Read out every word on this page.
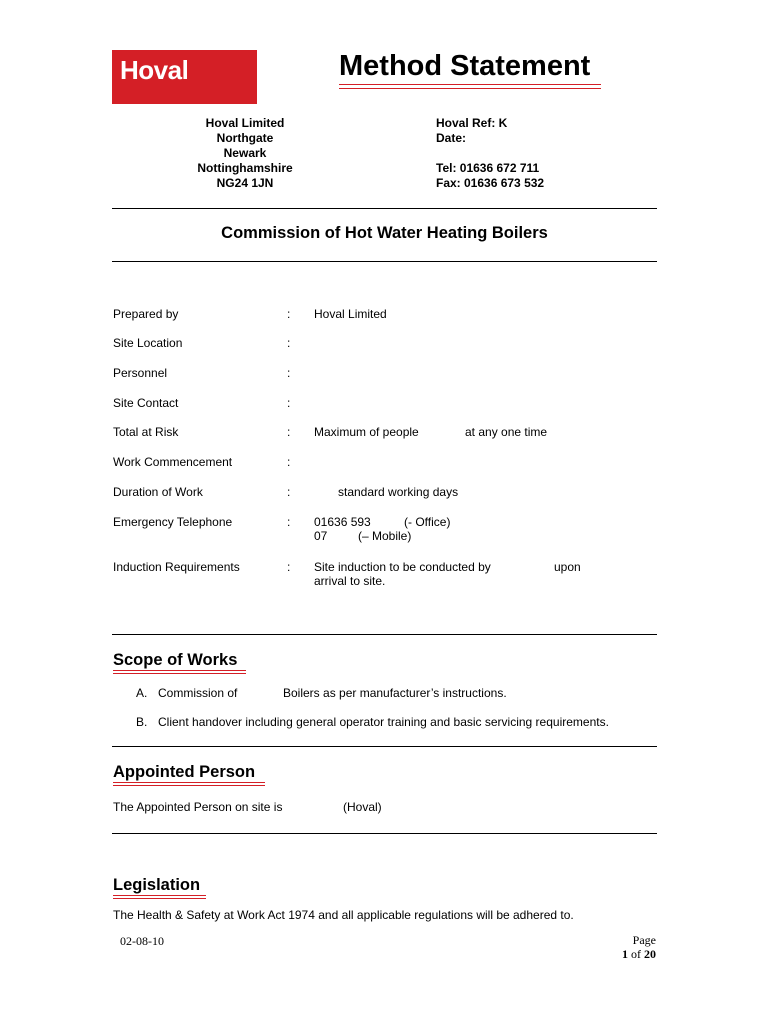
Hoval	Method Statement
Hoval Limited
Northgate
Newark
Nottinghamshire
NG24 1JN
Hoval Ref: K
Date:
Tel: 01636 672 711
Fax: 01636 673 532
Commission of Hot Water Heating Boilers
Prepared by	: Hoval Limited
Site Location	:
Personnel	:
Site Contact	:
Total at Risk	: Maximum of people	at any one time
Work Commencement	:
Duration of Work	:	standard working days
Emergency Telephone	: 01636 593	(- Office)
07	(– Mobile)
Induction Requirements	: Site induction to be conducted by	upon
arrival to site.
Scope of Works
A. Commission of	Boilers as per manufacturer’s instructions.
B. Client handover including general operator training and basic servicing requirements.
Appointed Person
The Appointed Person on site is	(Hoval)
Legislation
The Health & Safety at Work Act 1974 and all applicable regulations will be adhered to.
02-08-10	Page
1 of 20
